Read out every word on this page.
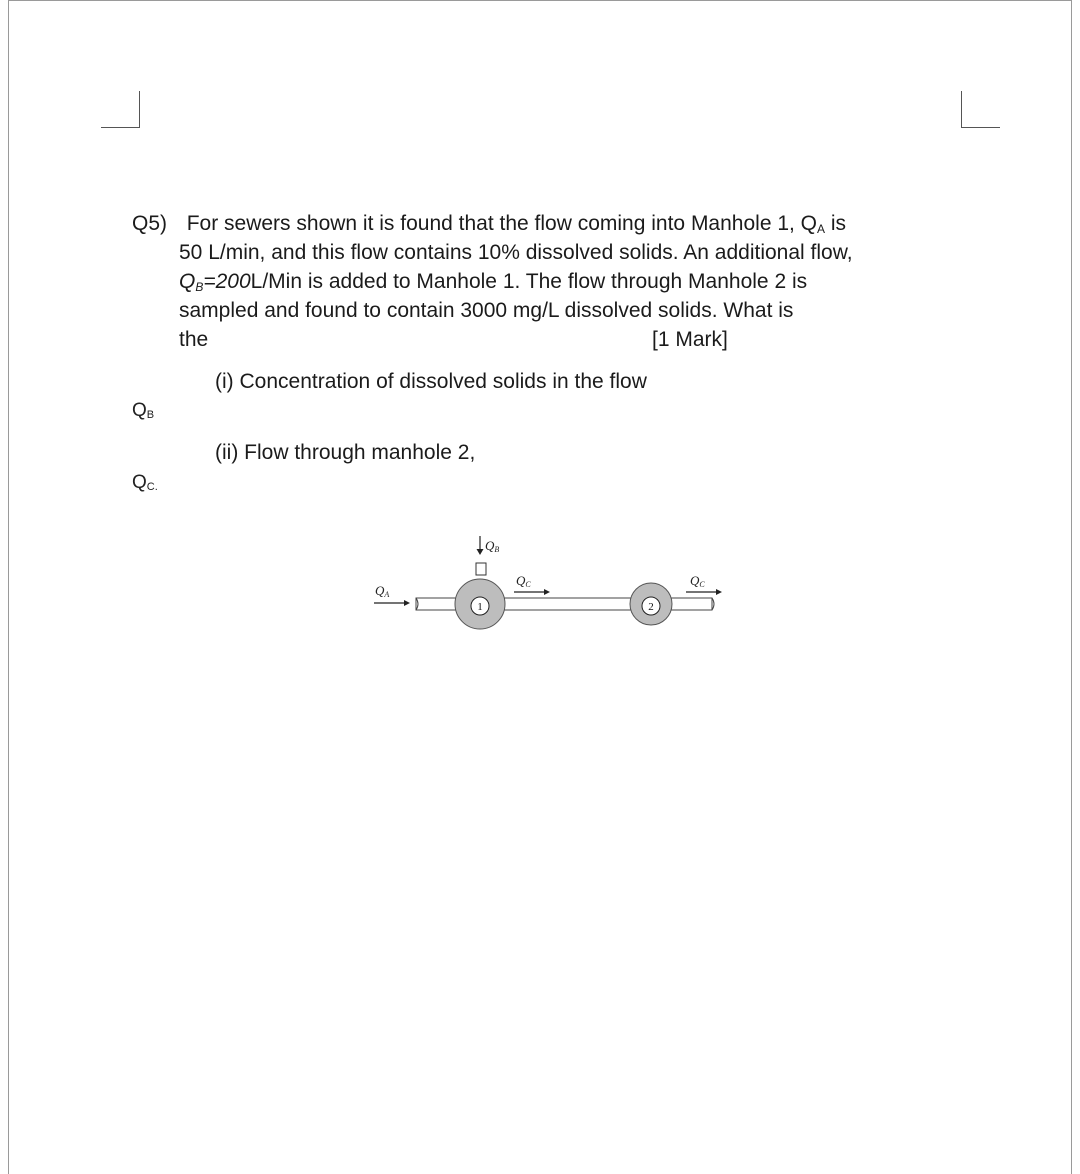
Q5) For sewers shown it is found that the flow coming into Manhole 1, $Q_A$ is
50 L/min, and this flow contains 10% dissolved solids. An additional flow,
$Q_B=200L$/Min is added to Manhole 1. The flow through Manhole 2 is
sampled and found to contain 3000 mg/L dissolved solids. What is
the	[1 Mark]
(i) Concentration of dissolved solids in the flow
(ii) Flow through manhole 2,
QB
QC.
QB
1	2
QA
QC	QC
